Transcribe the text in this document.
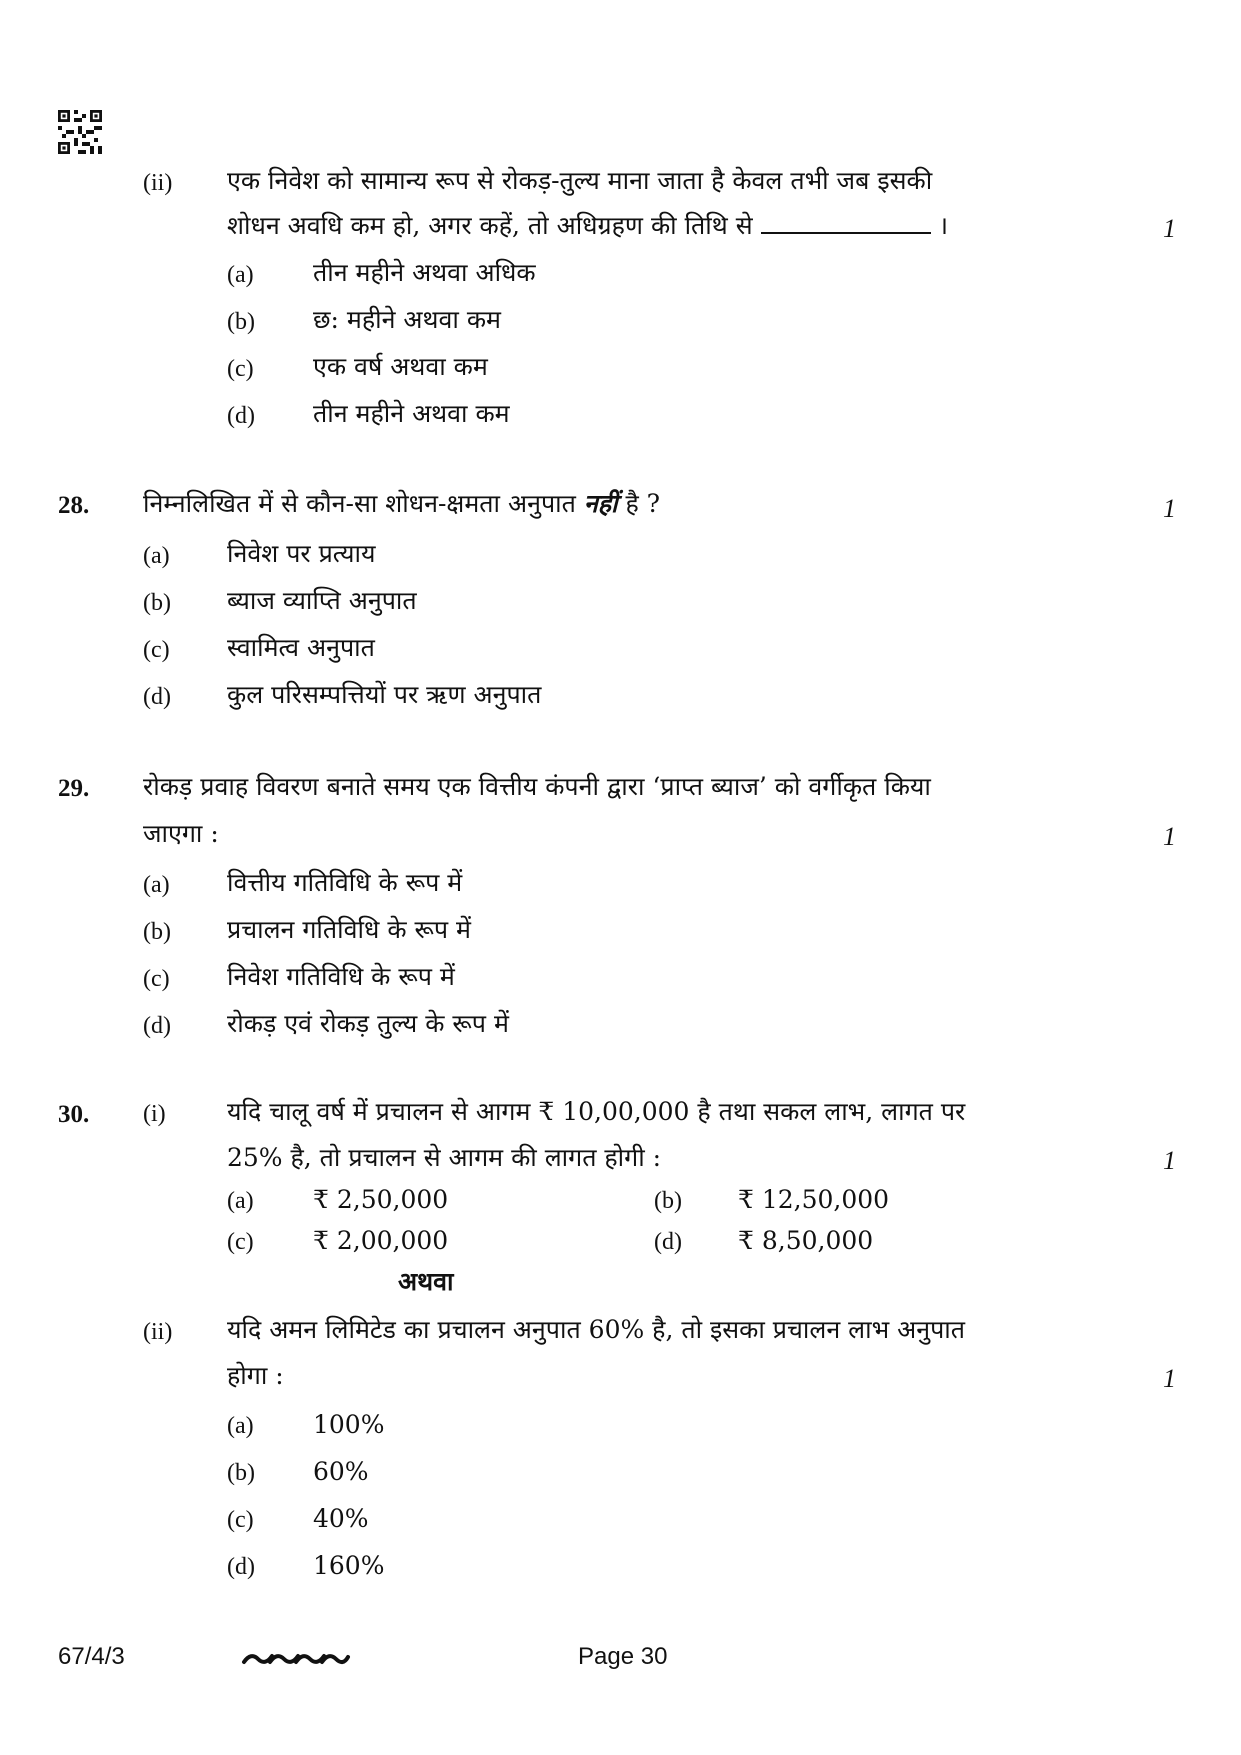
(ii) एक निवेश को सामान्य रूप से रोकड़-तुल्य माना जाता है केवल तभी जब इसकी
शोधन अवधि कम हो, अगर कहें, तो अधिग्रहण की तिथि से	।	1
(a) तीन महीने अथवा अधिक
(b) छ: महीने अथवा कम
(c) एक वर्ष अथवा कम
(d) तीन महीने अथवा कम
28. निम्नलिखित में से कौन-सा शोधन-क्षमता अनुपात नहीं है ?	1
(a) निवेश पर प्रत्याय
(b) ब्याज व्याप्ति अनुपात
(c) स्वामित्व अनुपात
(d) कुल परिसम्पत्तियों पर ऋण अनुपात
29. रोकड़ प्रवाह विवरण बनाते समय एक वित्तीय कंपनी द्वारा ‘प्राप्त ब्याज’ को वर्गीकृत किया
जाएगा :	1
(a) वित्तीय गतिविधि के रूप में
(b) प्रचालन गतिविधि के रूप में
(c) निवेश गतिविधि के रूप में
(d) रोकड़ एवं रोकड़ तुल्य के रूप में
30. (i) यदि चालू वर्ष में प्रचालन से आगम ₹ 10,00,000 है तथा सकल लाभ, लागत पर
25% है, तो प्रचालन से आगम की लागत होगी :	1
(a) ₹ 2,50,000	(b) ₹ 12,50,000
(c) ₹ 2,00,000	(d) ₹ 8,50,000
अथवा
(ii) यदि अमन लिमिटेड का प्रचालन अनुपात 60% है, तो इसका प्रचालन लाभ अनुपात
होगा :	1
(a) 100%
(b) 60%
(c) 40%
(d) 160%
67/4/3	Page 30
